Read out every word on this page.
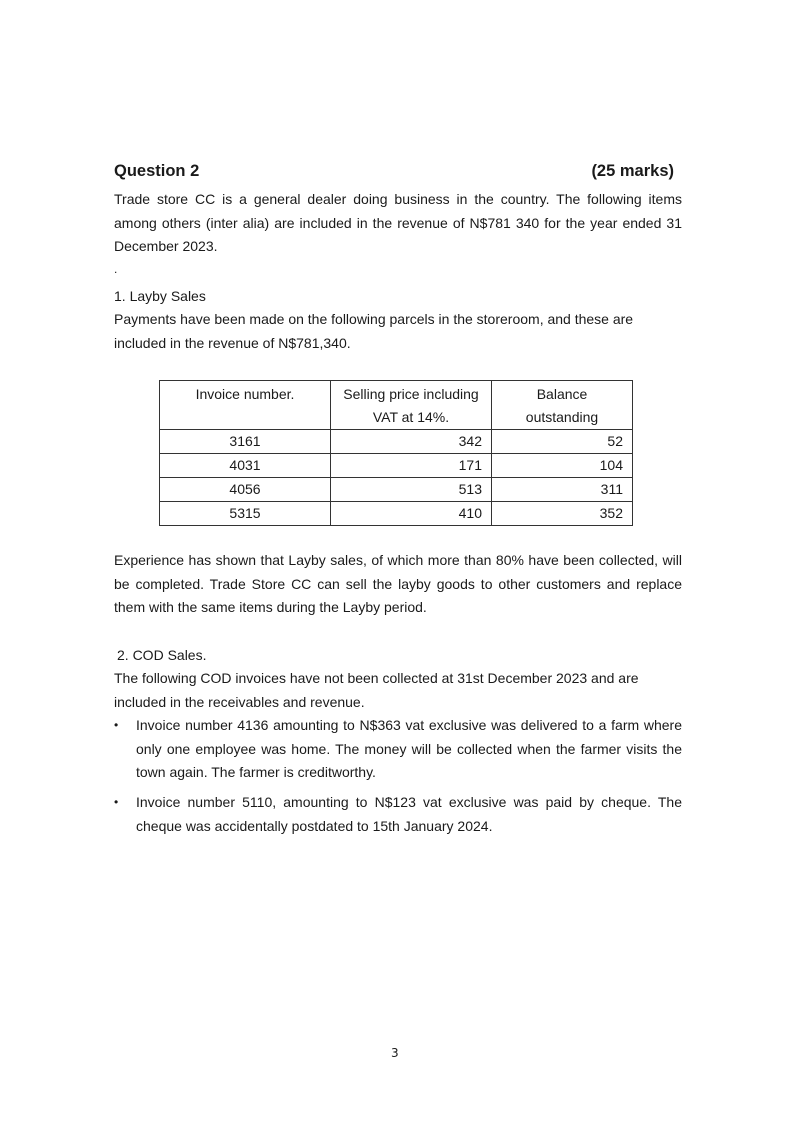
Question 2	(25 marks)
Trade store CC is a general dealer doing business in the country. The following items among others (inter alia) are included in the revenue of N$781 340 for the year ended 31 December 2023.
.
1. Layby Sales
Payments have been made on the following parcels in the storeroom, and these are included in the revenue of N$781,340.
Invoice number.	Selling price including VAT at 14%.	Balance outstanding
3161	342	52
4031	171	104
4056	513	311
5315	410	352
Experience has shown that Layby sales, of which more than 80% have been collected, will be completed. Trade Store CC can sell the layby goods to other customers and replace them with the same items during the Layby period.
2. COD Sales.
The following COD invoices have not been collected at 31st December 2023 and are included in the receivables and revenue.
• Invoice number 4136 amounting to N$363 vat exclusive was delivered to a farm where only one employee was home. The money will be collected when the farmer visits the town again. The farmer is creditworthy.
• Invoice number 5110, amounting to N$123 vat exclusive was paid by cheque. The cheque was accidentally postdated to 15th January 2024.
3
